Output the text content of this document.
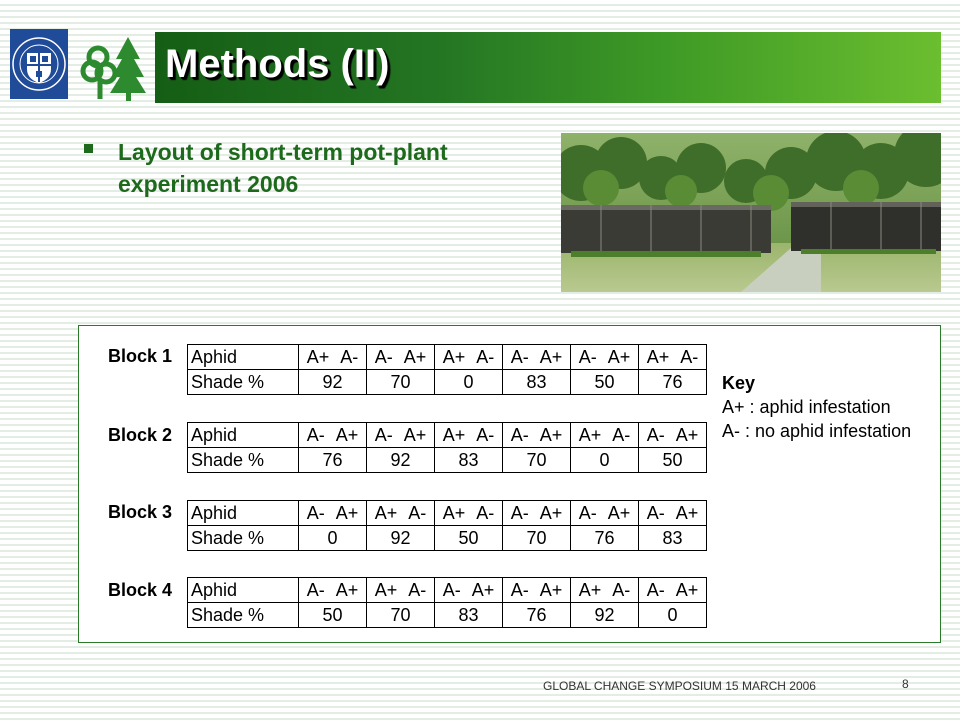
Methods (II)
Layout of short-term pot-plant experiment 2006
Block 1	Aphid	A+ A-	A- A+	A+ A-	A- A+	A- A+	A+ A-
Shade %	92	70	0	83	50	76
Block 2	Aphid	A- A+	A- A+	A+ A-	A- A+	A+ A-	A- A+
Shade %	76	92	83	70	0	50
Block 3	Aphid	A- A+	A+ A-	A+ A-	A- A+	A- A+	A- A+
Shade %	0	92	50	70	76	83
Block 4	Aphid	A- A+	A+ A-	A- A+	A- A+	A+ A-	A- A+
Shade %	50	70	83	76	92	0
Key
A+ : aphid infestation
A- : no aphid infestation
GLOBAL CHANGE SYMPOSIUM 15 MARCH 2006	8
